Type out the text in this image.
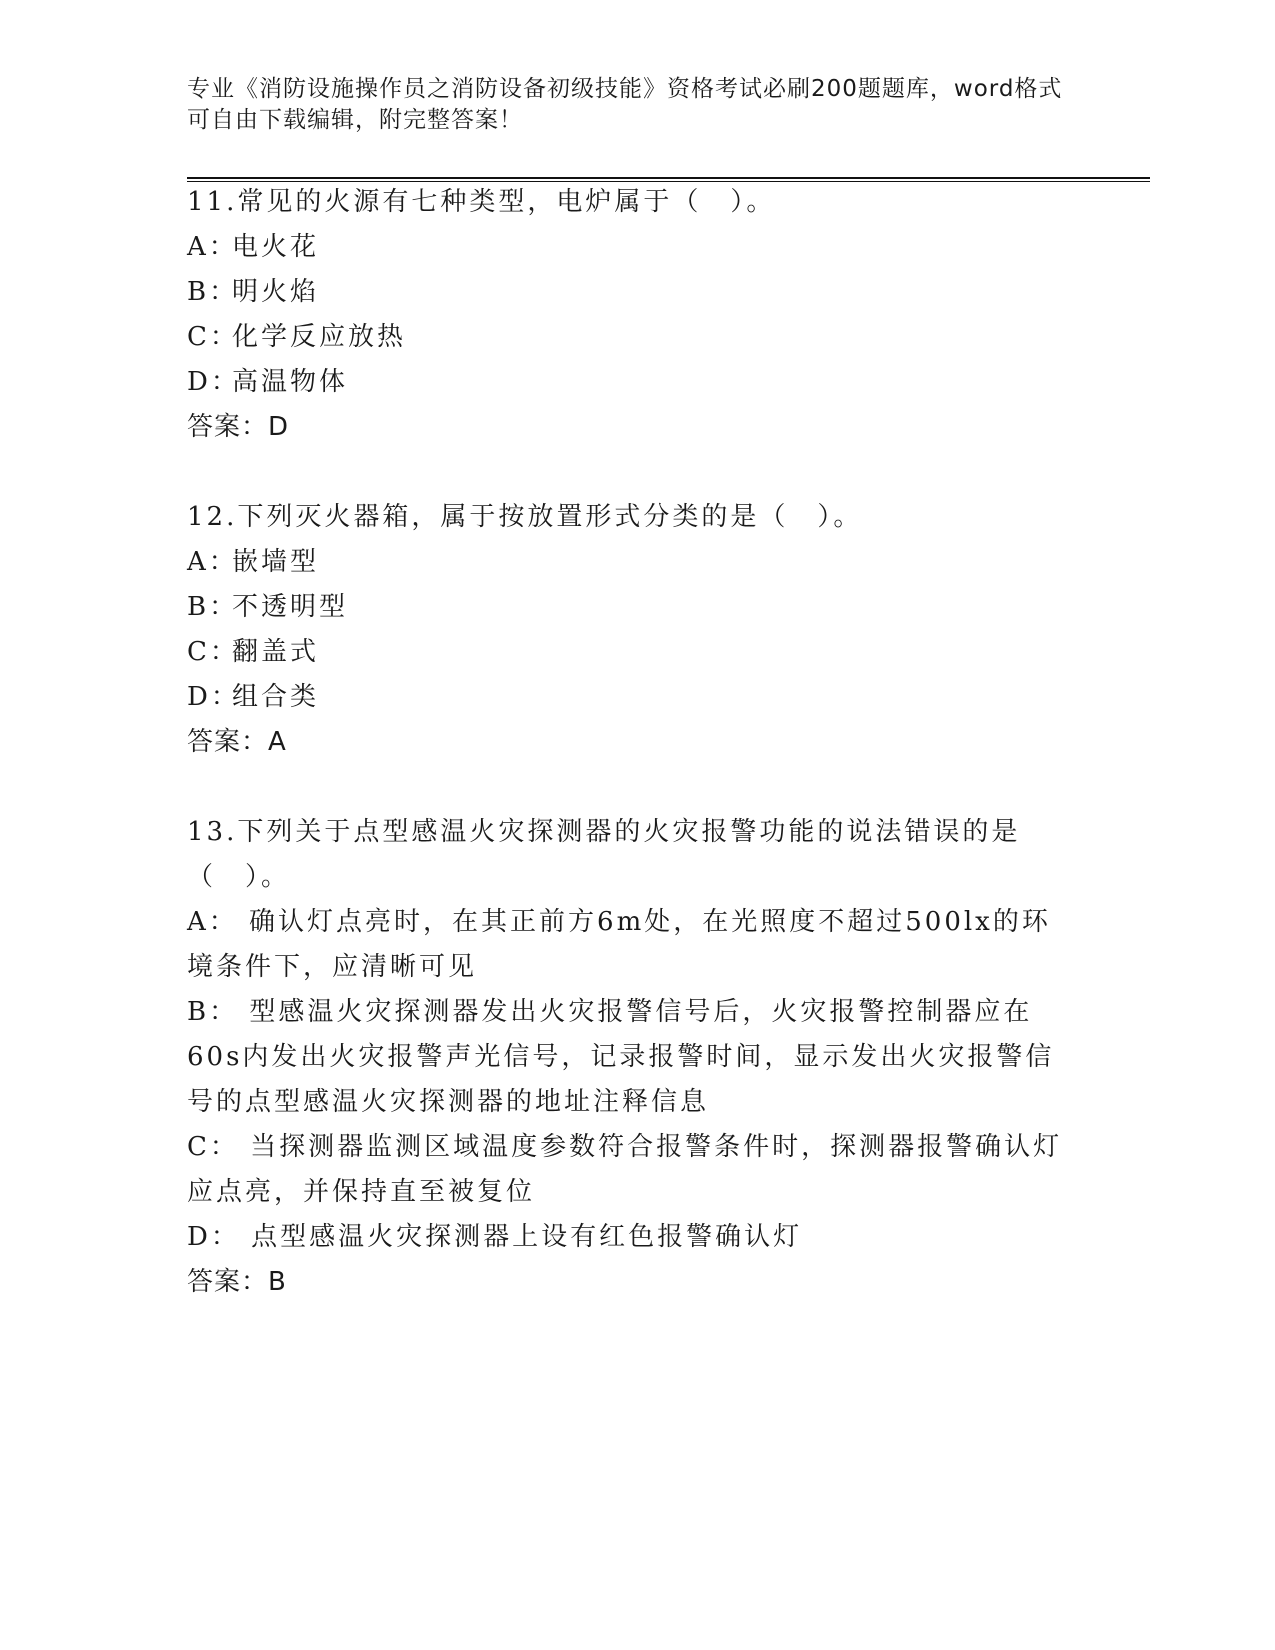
专业《消防设施操作员之消防设备初级技能》资格考试必刷200题题库，word格式可自由下载编辑，附完整答案！
11.常见的火源有七种类型，电炉属于（　）。
A：电火花
B：明火焰
C：化学反应放热
D：高温物体
答案：D
12.下列灭火器箱，属于按放置形式分类的是（　）。
A：嵌墙型
B：不透明型
C：翻盖式
D：组合类
答案：A
13.下列关于点型感温火灾探测器的火灾报警功能的说法错误的是（　）。
A： 确认灯点亮时，在其正前方6m处，在光照度不超过500lx的环境条件下，应清晰可见
B： 型感温火灾探测器发出火灾报警信号后，火灾报警控制器应在60s内发出火灾报警声光信号，记录报警时间，显示发出火灾报警信号的点型感温火灾探测器的地址注释信息
C： 当探测器监测区域温度参数符合报警条件时，探测器报警确认灯应点亮，并保持直至被复位
D： 点型感温火灾探测器上设有红色报警确认灯
答案：B
